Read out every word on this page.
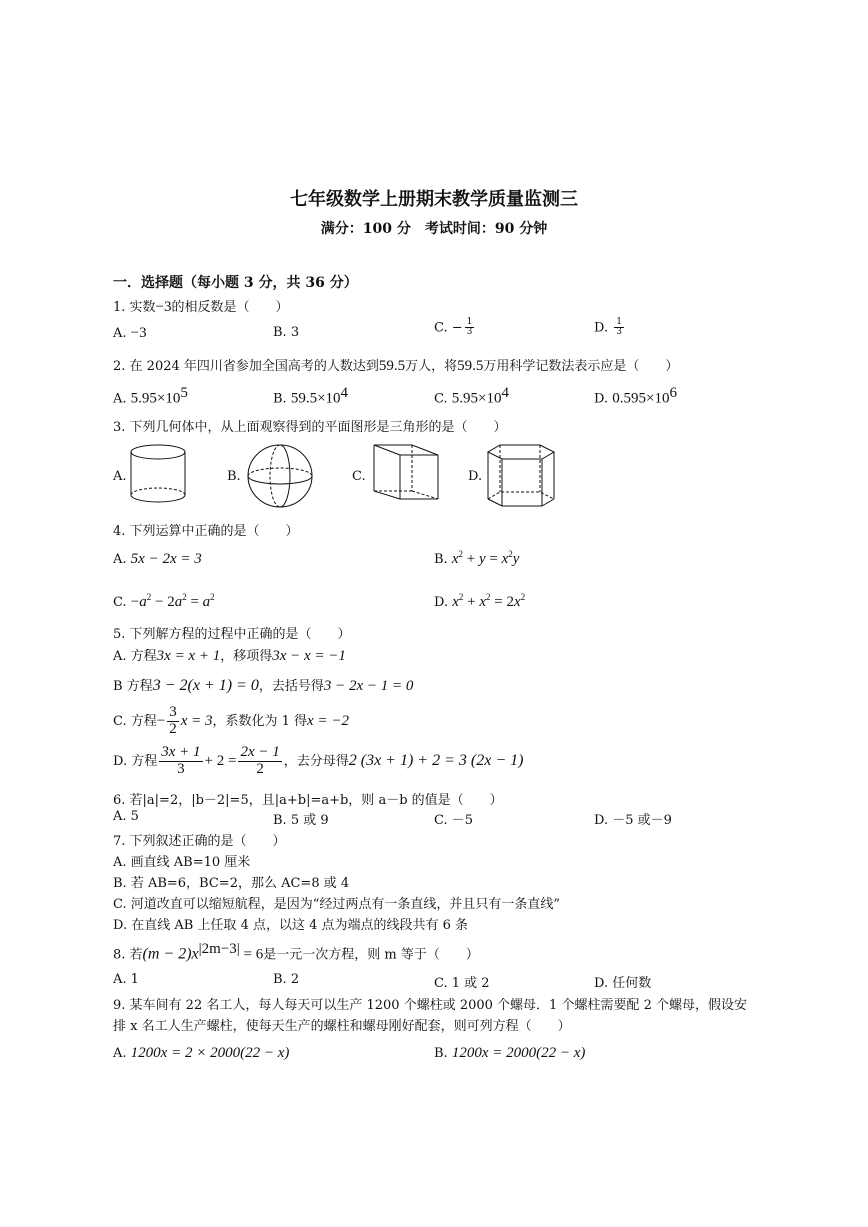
七年级数学上册期末教学质量监测三
满分：100 分　考试时间：90 分钟
一．选择题（每小题 3 分，共 36 分）
1. 实数−3的相反数是（　　）
A. −3	B. 3	C. − $\frac{1}{3}$	D. $\frac{1}{3}$
2. 在 2024 年四川省参加全国高考的人数达到59.5万人，将59.5万用科学记数法表示应是（　　）
A. $5.95\times 10^5$	B. $59.5\times 10^4$	C. $5.95\times 10^4$	D. $0.595\times 10^6$
3. 下列几何体中，从上面观察得到的平面图形是三角形的是（　　）
A.	B.	C.	D.
4. 下列运算中正确的是（　　）
A. 5x − 2x = 3	B. $x^2 + y = x^2y$
C. $-a^2 - 2a^2 = a^2$	D. $x^2 + x^2 = 2x^2$
5. 下列解方程的过程中正确的是（　　）
A. 方程3x = x + 1，移项得3x − x = −1
B 方程3 − 2(x + 1) = 0，去括号得3 − 2x − 1 = 0
C. 方程− $\frac{3}{2}$ x = 3，系数化为 1 得x = −2
D. 方程 $\frac{3x + 1}{3} + 2 = \frac{2x - 1}{2}$ ，去分母得2 (3x + 1) + 2 = 3 (2x − 1)
6. 若|a|=2，|b－2|=5，且|a+b|=a+b，则 a－b 的值是（　　）
A. 5	B. 5 或 9	C. －5	D. －5 或－9
7. 下列叙述正确的是（　　）
A. 画直线 AB=10 厘米
B. 若 AB=6，BC=2，那么 AC=8 或 4
C. 河道改直可以缩短航程，是因为“经过两点有一条直线，并且只有一条直线”
D. 在直线 AB 上任取 4 点，以这 4 点为端点的线段共有 6 条
8. 若$(m - 2)x^{|2m-3|} = 6$是一元一次方程，则 m 等于（　　）
A. 1	B. 2	C. 1 或 2	D. 任何数
9. 某车间有 22 名工人，每人每天可以生产 1200 个螺柱或 2000 个螺母．1 个螺柱需要配 2 个螺母，假设安
排 x 名工人生产螺柱，使每天生产的螺柱和螺母刚好配套，则可列方程（　　）
A. 1200x = 2 × 2000(22 − x)	B. 1200x = 2000(22 − x)
